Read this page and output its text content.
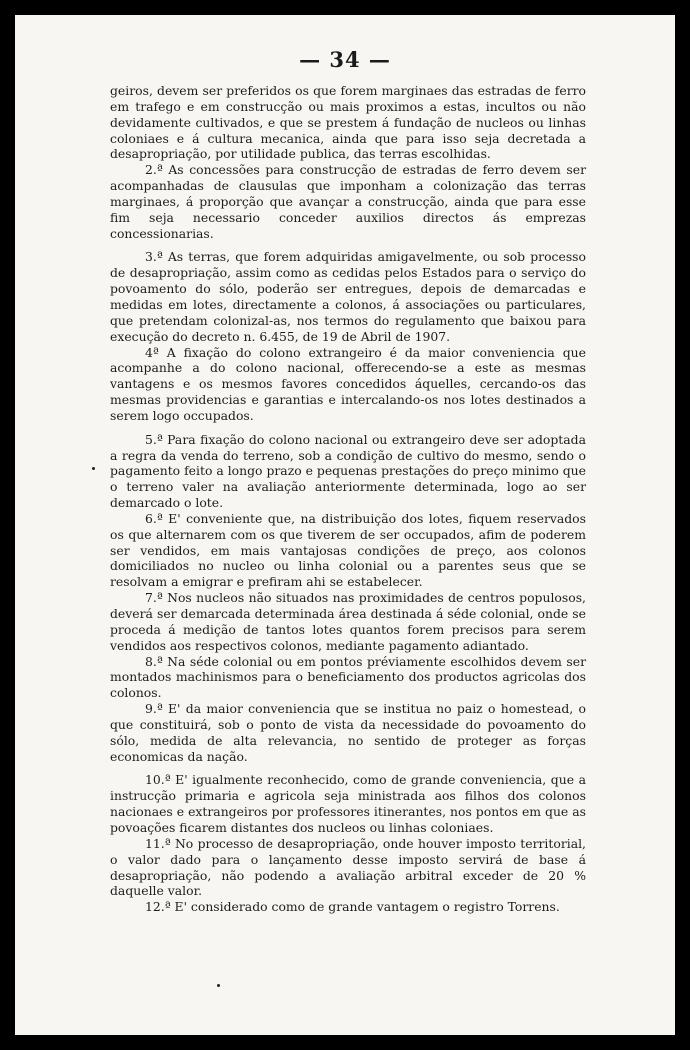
— 34 —

geiros, devem ser preferidos os que forem marginaes das estradas de ferro em trafego e em construcção ou mais proximos a estas, incultos ou não devidamente cultivados, e que se prestem á fundação de nucleos ou linhas coloniaes e á cultura mecanica, ainda que para isso seja decretada a desapropriação, por utilidade publica, das terras escolhidas.

2.ª As concessões para construcção de estradas de ferro devem ser acompanhadas de clausulas que imponham a colonização das terras marginaes, á proporção que avançar a construcção, ainda que para esse fim seja necessario conceder auxilios directos ás emprezas concessionarias.

3.ª As terras, que forem adquiridas amigavelmente, ou sob processo de desapropriação, assim como as cedidas pelos Estados para o serviço do povoamento do sólo, poderão ser entregues, depois de demarcadas e medidas em lotes, directamente a colonos, á associações ou particulares, que pretendam colonizal-as, nos termos do regulamento que baixou para execução do decreto n. 6.455, de 19 de Abril de 1907.

4ª A fixação do colono extrangeiro é da maior conveniencia que acompanhe a do colono nacional, offerecendo-se a este as mesmas vantagens e os mesmos favores concedidos áquelles, cercando-os das mesmas providencias e garantias e intercalando-os nos lotes destinados a serem logo occupados.

5.ª Para fixação do colono nacional ou extrangeiro deve ser adoptada a regra da venda do terreno, sob a condição de cultivo do mesmo, sendo o pagamento feito a longo prazo e pequenas prestações do preço minimo que o terreno valer na avaliação anteriormente determinada, logo ao ser demarcado o lote.

6.ª E' conveniente que, na distribuição dos lotes, fiquem reservados os que alternarem com os que tiverem de ser occupados, afim de poderem ser vendidos, em mais vantajosas condições de preço, aos colonos domiciliados no nucleo ou linha colonial ou a parentes seus que se resolvam a emigrar e prefiram ahi se estabelecer.

7.ª Nos nucleos não situados nas proximidades de centros populosos, deverá ser demarcada determinada área destinada á séde colonial, onde se proceda á medição de tantos lotes quantos forem precisos para serem vendidos aos respectivos colonos, mediante pagamento adiantado.

8.ª Na séde colonial ou em pontos préviamente escolhidos devem ser montados machinismos para o beneficiamento dos productos agricolas dos colonos.

9.ª E' da maior conveniencia que se institua no paiz o homestead, o que constituirá, sob o ponto de vista da necessidade do povoamento do sólo, medida de alta relevancia, no sentido de proteger as forças economicas da nação.

10.ª E' igualmente reconhecido, como de grande conveniencia, que a instrucção primaria e agricola seja ministrada aos filhos dos colonos nacionaes e extrangeiros por professores itinerantes, nos pontos em que as povoações ficarem distantes dos nucleos ou linhas coloniaes.

11.ª No processo de desapropriação, onde houver imposto territorial, o valor dado para o lançamento desse imposto servirá de base á desapropriação, não podendo a avaliação arbitral exceder de 20 % daquelle valor.

12.ª E' considerado como de grande vantagem o registro Torrens.
